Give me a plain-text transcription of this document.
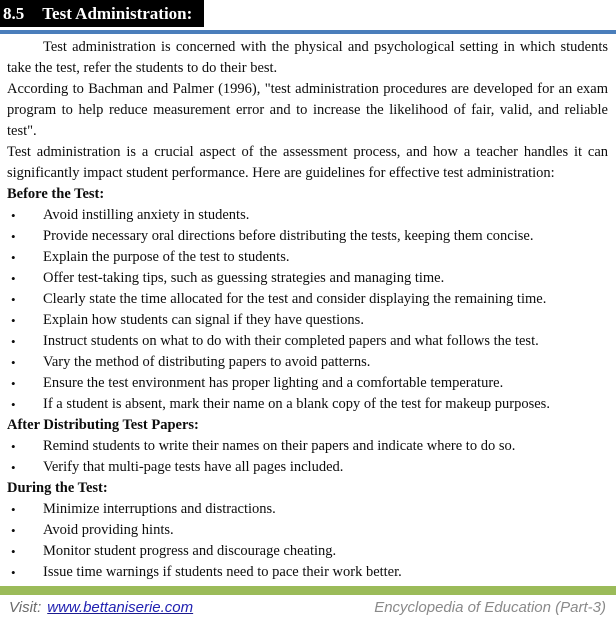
8.5 Test Administration:

Test administration is concerned with the physical and psychological setting in which students take the test, refer the students to do their best.

According to Bachman and Palmer (1996), "test administration procedures are developed for an exam program to help reduce measurement error and to increase the likelihood of fair, valid, and reliable test".

Test administration is a crucial aspect of the assessment process, and how a teacher handles it can significantly impact student performance. Here are guidelines for effective test administration:

Before the Test:
•	Avoid instilling anxiety in students.
•	Provide necessary oral directions before distributing the tests, keeping them concise.
•	Explain the purpose of the test to students.
•	Offer test-taking tips, such as guessing strategies and managing time.
•	Clearly state the time allocated for the test and consider displaying the remaining time.
•	Explain how students can signal if they have questions.
•	Instruct students on what to do with their completed papers and what follows the test.
•	Vary the method of distributing papers to avoid patterns.
•	Ensure the test environment has proper lighting and a comfortable temperature.
•	If a student is absent, mark their name on a blank copy of the test for makeup purposes.
After Distributing Test Papers:
•	Remind students to write their names on their papers and indicate where to do so.
•	Verify that multi-page tests have all pages included.
During the Test:
•	Minimize interruptions and distractions.
•	Avoid providing hints.
•	Monitor student progress and discourage cheating.
•	Issue time warnings if students need to pace their work better.
Visit: www.bettaniserie.com	Encyclopedia of Education (Part-3)
